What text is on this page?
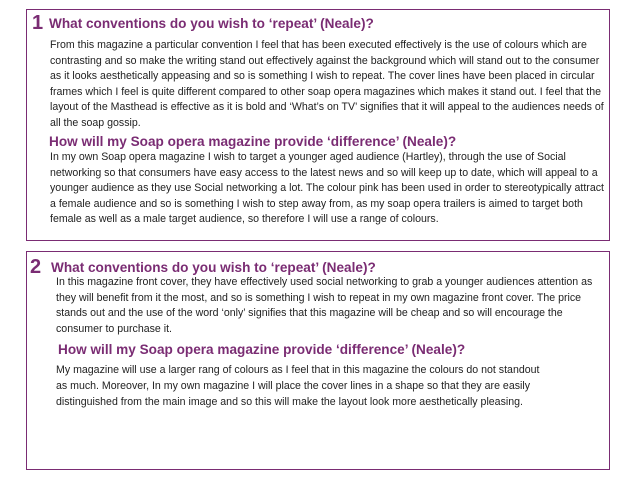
1 What conventions do you wish to ‘repeat’ (Neale)?

From this magazine a particular convention I feel that has been executed effectively is the use of colours which are contrasting and so make the writing stand out effectively against the background which will stand out to the consumer as it looks aesthetically appeasing and so is something I wish to repeat. The cover lines have been placed in circular frames which I feel is quite different compared to other soap opera magazines which makes it stand out. I feel that the layout of the Masthead is effective as it is bold and ‘What’s on TV’ signifies that it will appeal to the audiences needs of all the soap gossip.

How will my Soap opera magazine provide ‘difference’ (Neale)?

In my own Soap opera magazine I wish to target a younger aged audience (Hartley), through the use of Social networking so that consumers have easy access to the latest news and so will keep up to date, which will appeal to a younger audience as they use Social networking a lot. The colour pink has been used in order to stereotypically attract a female audience and so is something I wish to step away from, as my soap opera trailers is aimed to target both female as well as a male target audience, so therefore I will use a range of colours.

2 What conventions do you wish to ‘repeat’ (Neale)?

In this magazine front cover, they have effectively used social networking to grab a younger audiences attention as they will benefit from it the most, and so is something I wish to repeat in my own magazine front cover. The price stands out and the use of the word ‘only’ signifies that this magazine will be cheap and so will encourage the consumer to purchase it.

How will my Soap opera magazine provide ‘difference’ (Neale)?

My magazine will use a larger rang of colours as I feel that in this magazine the colours do not standout as much. Moreover, In my own magazine I will place the cover lines in a shape so that they are easily distinguished from the main image and so this will make the layout look more aesthetically pleasing.
